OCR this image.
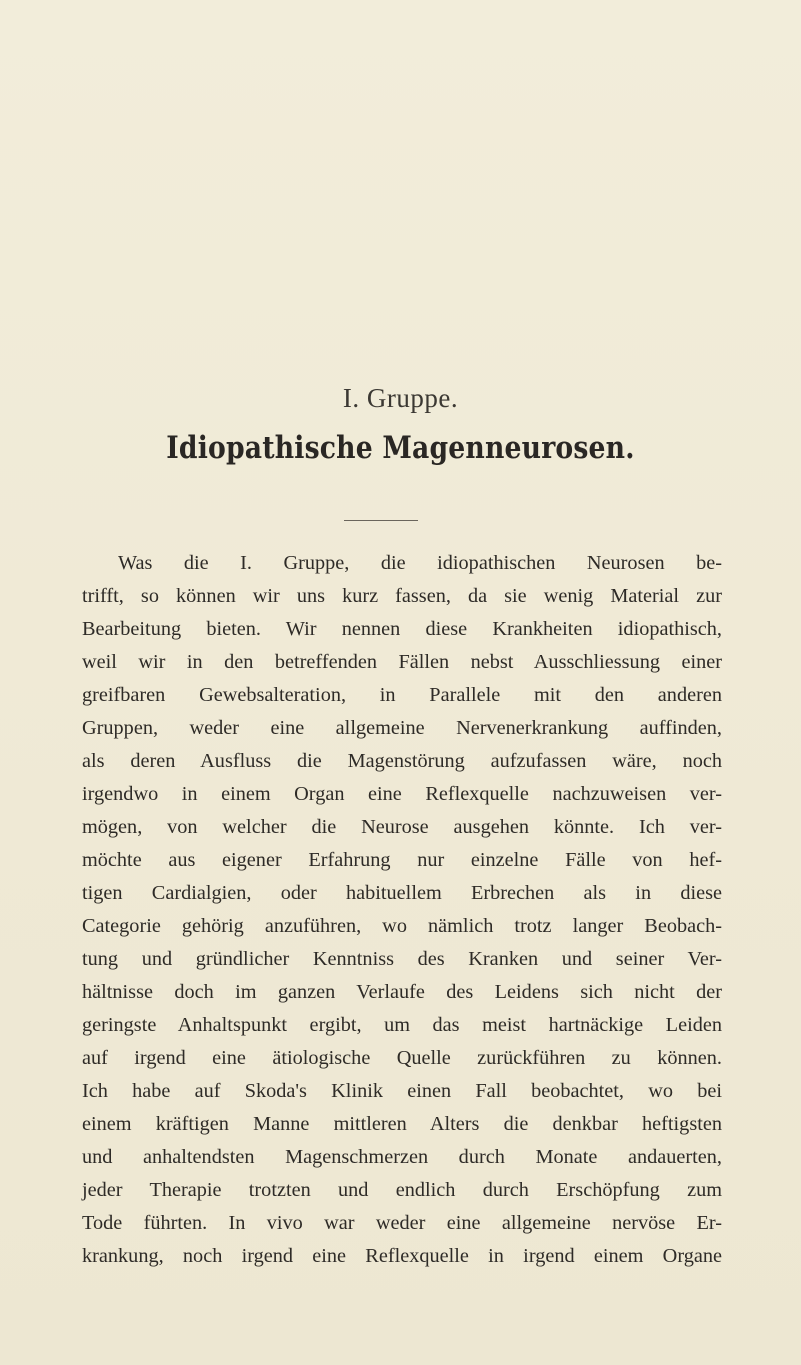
I. Gruppe.
Idiopathische Magenneurosen.
Was die I. Gruppe, die idiopathischen Neurosen be-
trifft, so können wir uns kurz fassen, da sie wenig Material zur
Bearbeitung bieten. Wir nennen diese Krankheiten idiopathisch,
weil wir in den betreffenden Fällen nebst Ausschliessung einer
greifbaren Gewebsalteration, in Parallele mit den anderen
Gruppen, weder eine allgemeine Nervenerkrankung auffinden,
als deren Ausfluss die Magenstörung aufzufassen wäre, noch
irgendwo in einem Organ eine Reflexquelle nachzuweisen ver-
mögen, von welcher die Neurose ausgehen könnte. Ich ver-
möchte aus eigener Erfahrung nur einzelne Fälle von hef-
tigen Cardialgien, oder habituellem Erbrechen als in diese
Categorie gehörig anzuführen, wo nämlich trotz langer Beobach-
tung und gründlicher Kenntniss des Kranken und seiner Ver-
hältnisse doch im ganzen Verlaufe des Leidens sich nicht der
geringste Anhaltspunkt ergibt, um das meist hartnäckige Leiden
auf irgend eine ätiologische Quelle zurückführen zu können.
Ich habe auf Skoda's Klinik einen Fall beobachtet, wo bei
einem kräftigen Manne mittleren Alters die denkbar heftigsten
und anhaltendsten Magenschmerzen durch Monate andauerten,
jeder Therapie trotzten und endlich durch Erschöpfung zum
Tode führten. In vivo war weder eine allgemeine nervöse Er-
krankung, noch irgend eine Reflexquelle in irgend einem Organe
